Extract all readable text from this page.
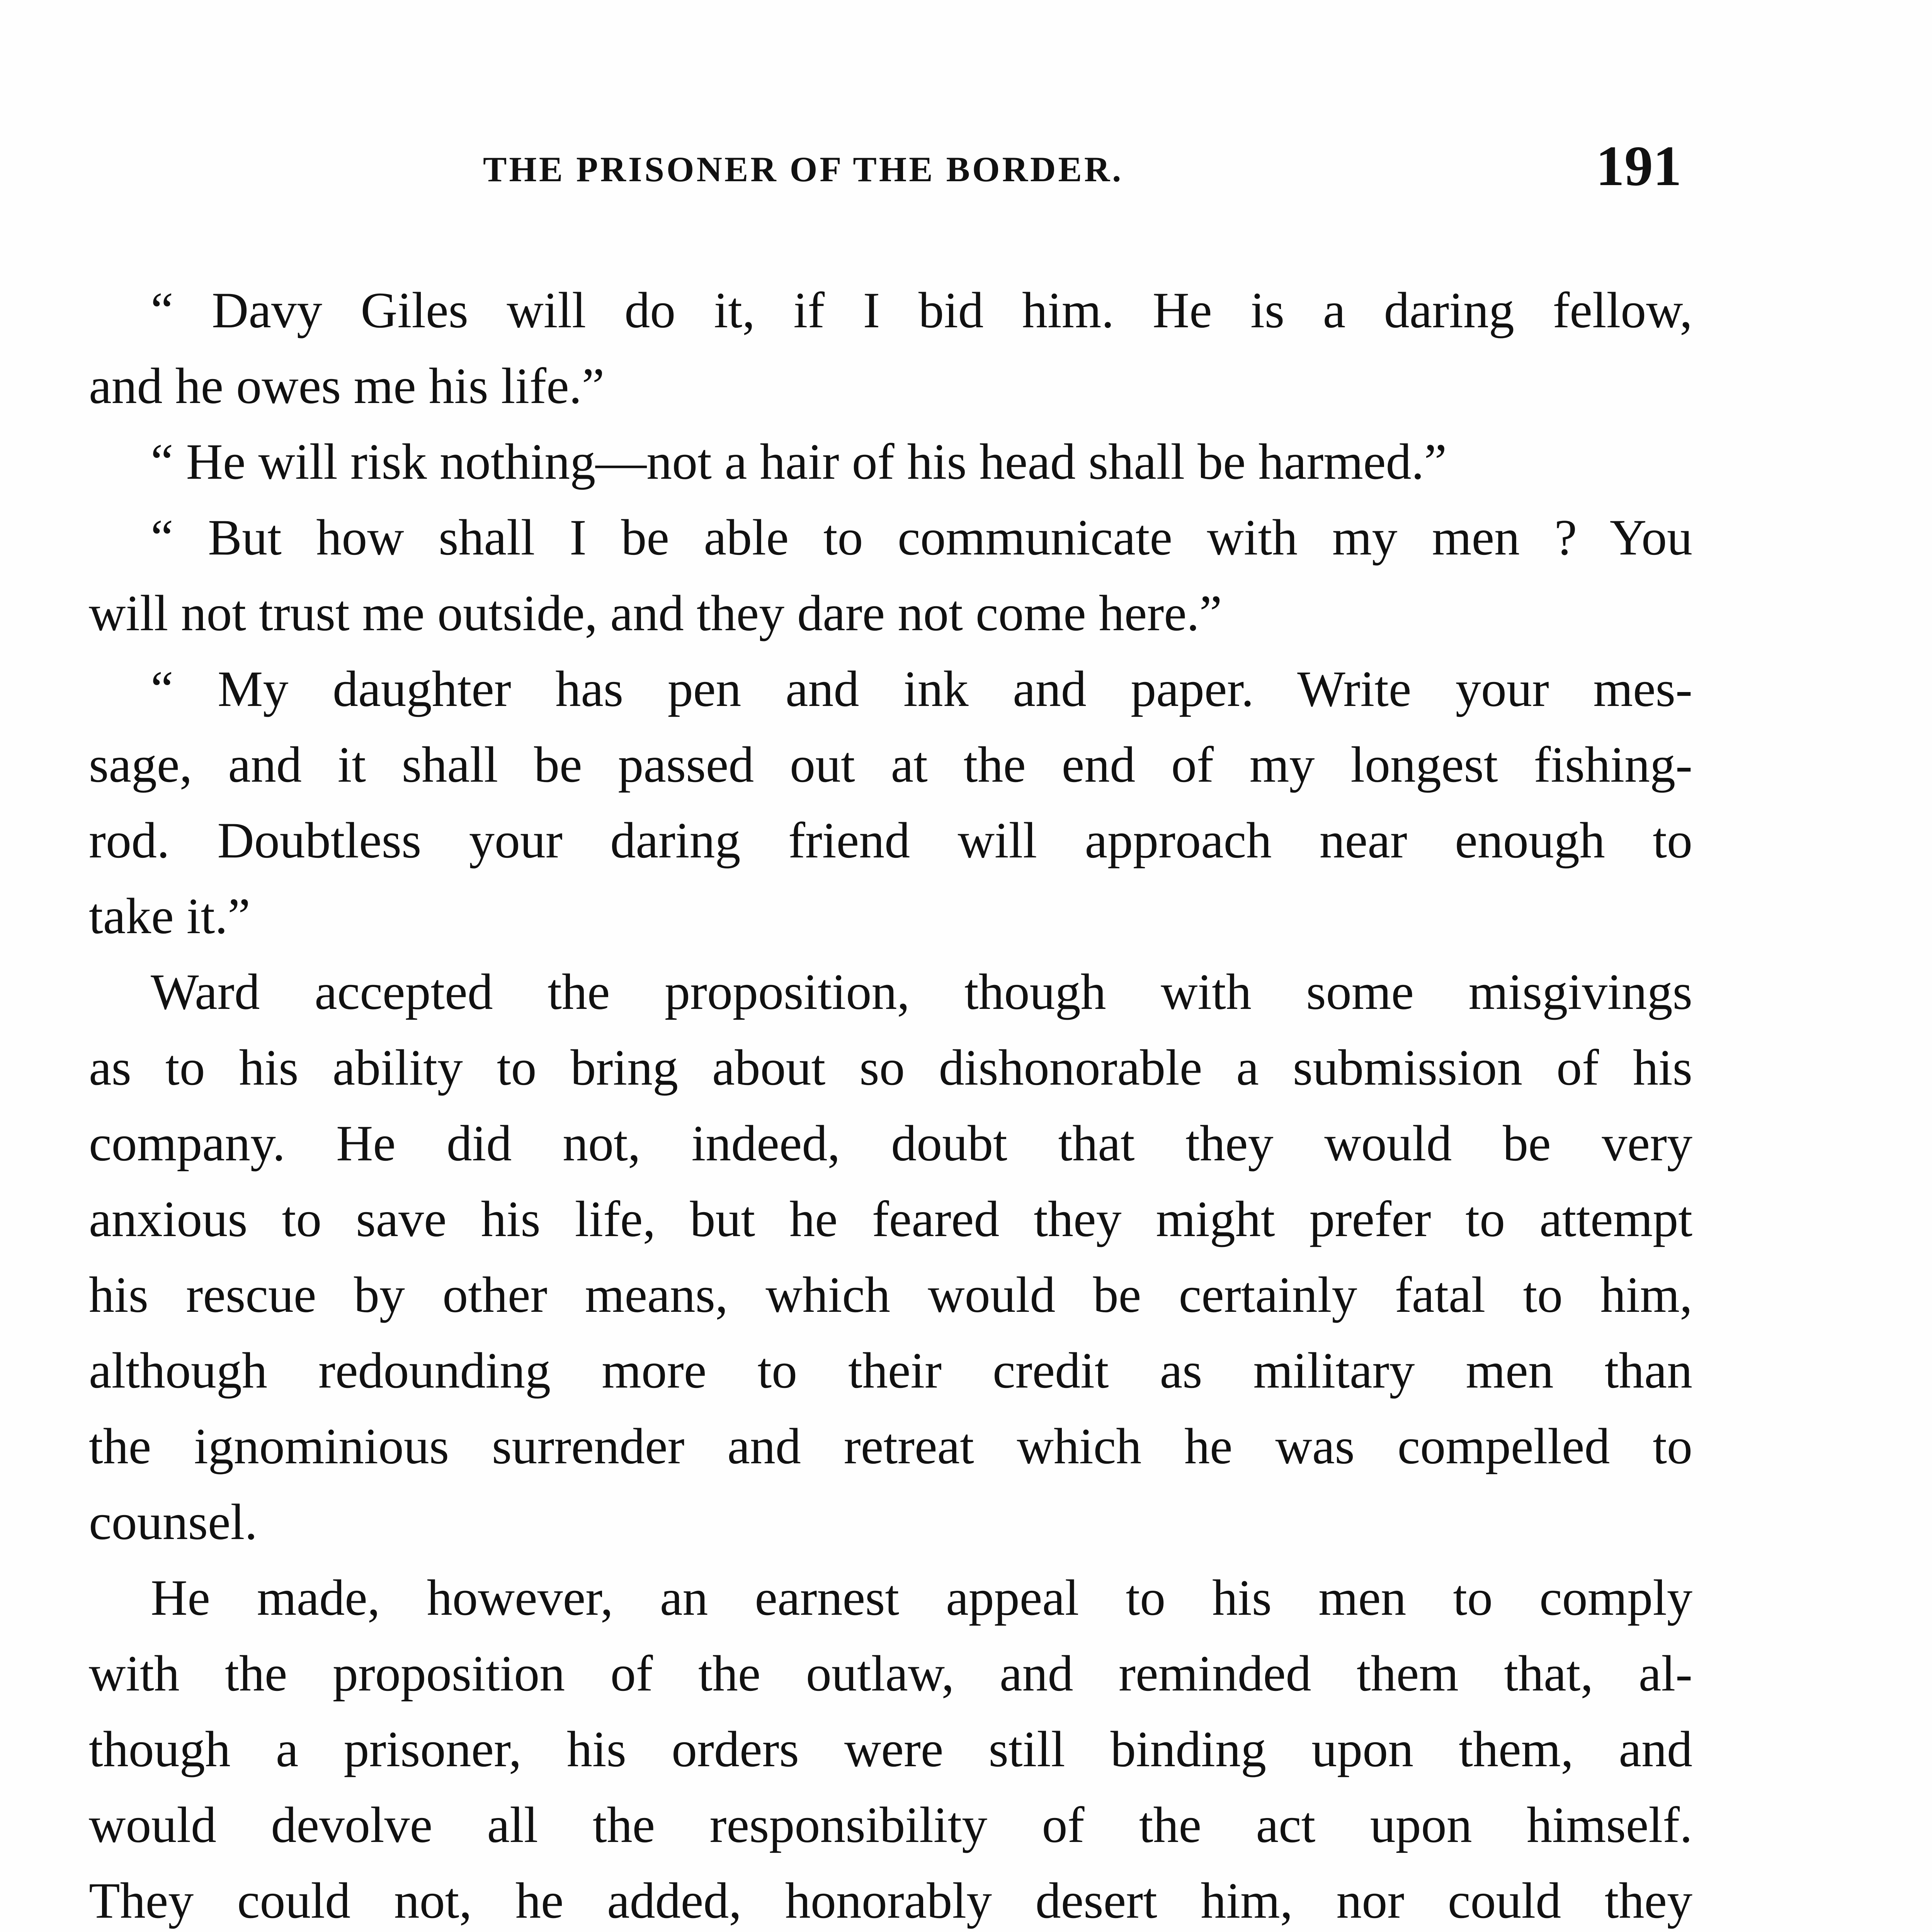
THE PRISONER OF THE BORDER.	191
“ Davy Giles will do it, if I bid him. He is a daring fellow,
and he owes me his life.”
“ He will risk nothing—not a hair of his head shall be harmed.”
“ But how shall I be able to communicate with my men ? You
will not trust me outside, and they dare not come here.”
“ My daughter has pen and ink and paper. Write your mes-
sage, and it shall be passed out at the end of my longest fishing-
rod. Doubtless your daring friend will approach near enough to
take it.”
Ward accepted the proposition, though with some misgivings
as to his ability to bring about so dishonorable a submission of his
company. He did not, indeed, doubt that they would be very
anxious to save his life, but he feared they might prefer to attempt
his rescue by other means, which would be certainly fatal to him,
although redounding more to their credit as military men than
the ignominious surrender and retreat which he was compelled to
counsel.
He made, however, an earnest appeal to his men to comply
with the proposition of the outlaw, and reminded them that, al-
though a prisoner, his orders were still binding upon them, and
would devolve all the responsibility of the act upon himself.
They could not, he added, honorably desert him, nor could they
